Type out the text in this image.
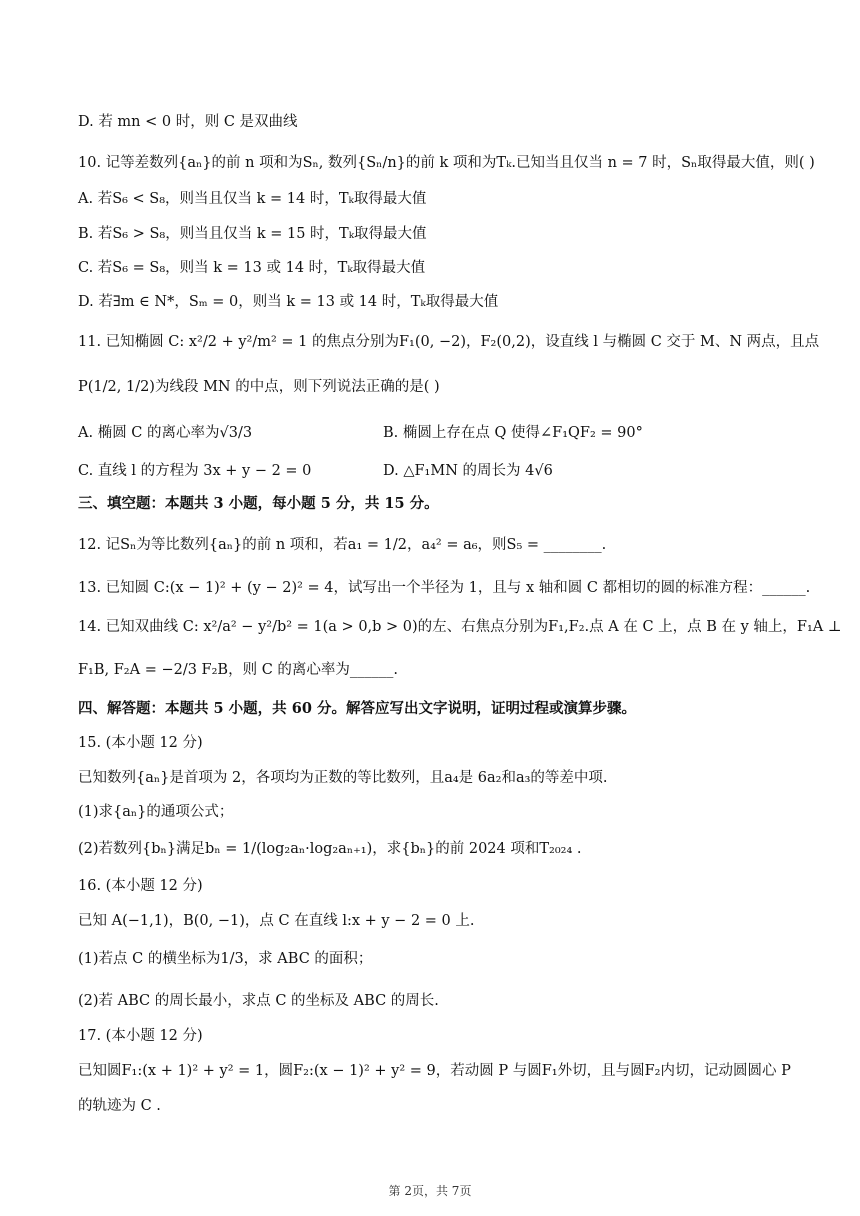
D. 若 mn < 0 时，则 C 是双曲线
10. 记等差数列{aₙ}的前 n 项和为Sₙ, 数列{Sₙ/n}的前 k 项和为Tₖ.已知当且仅当 n = 7 时，Sₙ取得最大值，则( )
A. 若S₆ < S₈，则当且仅当 k = 14 时，Tₖ取得最大值
B. 若S₆ > S₈，则当且仅当 k = 15 时，Tₖ取得最大值
C. 若S₆ = S₈，则当 k = 13 或 14 时，Tₖ取得最大值
D. 若∃m ∈ N*，Sₘ = 0，则当 k = 13 或 14 时，Tₖ取得最大值
11. 已知椭圆 C: x²/2 + y²/m² = 1 的焦点分别为F₁(0, −2)，F₂(0,2)，设直线 l 与椭圆 C 交于 M、N 两点，且点
P(1/2, 1/2)为线段 MN 的中点，则下列说法正确的是( )
A. 椭圆 C 的离心率为√3/3	B. 椭圆上存在点 Q 使得∠F₁QF₂ = 90°
C. 直线 l 的方程为 3x + y − 2 = 0	D. △F₁MN 的周长为 4√6
三、填空题：本题共 3 小题，每小题 5 分，共 15 分。
12. 记Sₙ为等比数列{aₙ}的前 n 项和，若a₁ = 1/2，a₄² = a₆，则S₅ = ________.
13. 已知圆 C:(x − 1)² + (y − 2)² = 4，试写出一个半径为 1，且与 x 轴和圆 C 都相切的圆的标准方程：______.
14. 已知双曲线 C: x²/a² − y²/b² = 1(a > 0,b > 0)的左、右焦点分别为F₁,F₂.点 A 在 C 上，点 B 在 y 轴上，F₁A ⊥
F₁B, F₂A = −2/3 F₂B，则 C 的离心率为______.
四、解答题：本题共 5 小题，共 60 分。解答应写出文字说明，证明过程或演算步骤。
15. (本小题 12 分)
已知数列{aₙ}是首项为 2，各项均为正数的等比数列，且a₄是 6a₂和a₃的等差中项.
(1)求{aₙ}的通项公式；
(2)若数列{bₙ}满足bₙ = 1/(log₂aₙ·log₂aₙ₊₁)，求{bₙ}的前 2024 项和T₂₀₂₄ .
16. (本小题 12 分)
已知 A(−1,1)，B(0, −1)，点 C 在直线 l:x + y − 2 = 0 上.
(1)若点 C 的横坐标为1/3，求 ABC 的面积；
(2)若 ABC 的周长最小，求点 C 的坐标及 ABC 的周长.
17. (本小题 12 分)
已知圆F₁:(x + 1)² + y² = 1，圆F₂:(x − 1)² + y² = 9，若动圆 P 与圆F₁外切，且与圆F₂内切，记动圆圆心 P
的轨迹为 C .
第 2页，共 7页
